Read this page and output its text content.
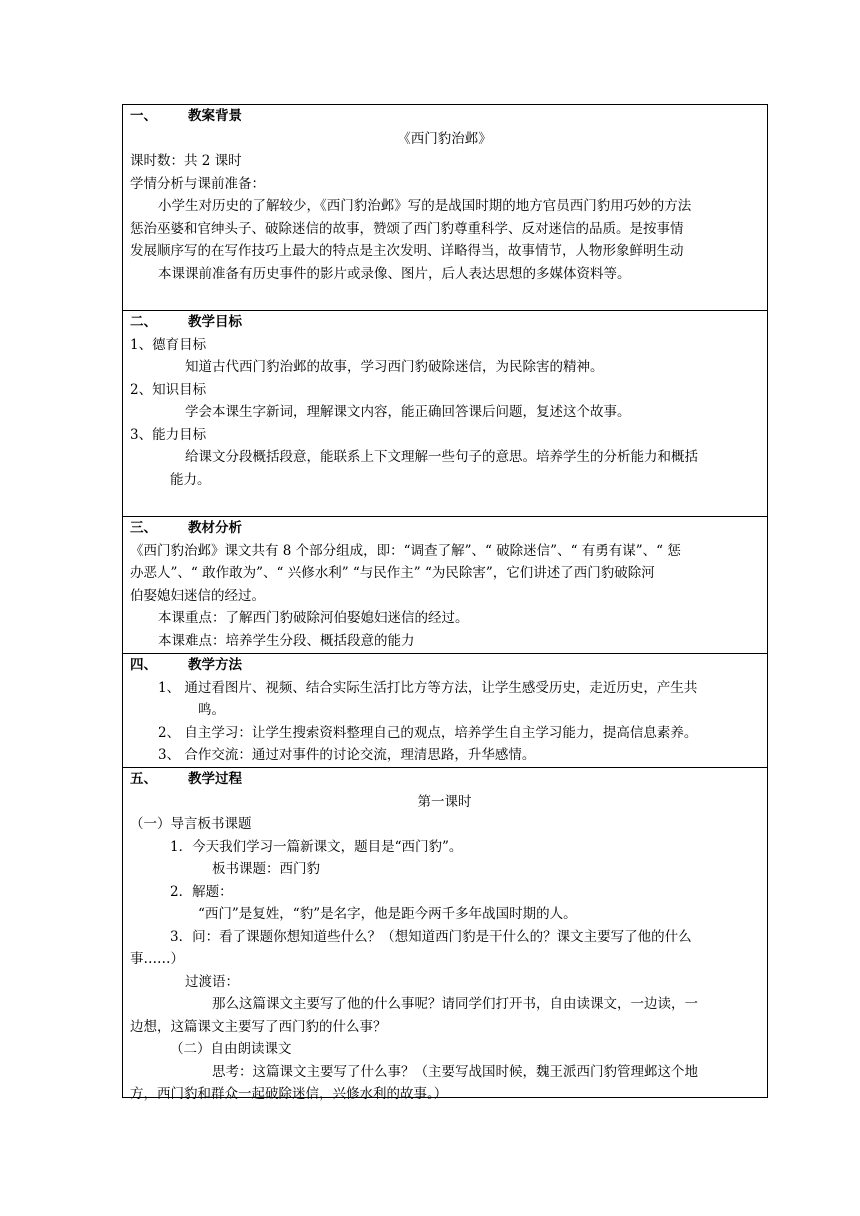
一、 教案背景
《西门豹治邺》
课时数：共 2 课时
学情分析与课前准备：
小学生对历史的了解较少，《西门豹治邺》写的是战国时期的地方官员西门豹用巧妙的方法
惩治巫婆和官绅头子、破除迷信的故事，赞颂了西门豹尊重科学、反对迷信的品质。是按事情
发展顺序写的在写作技巧上最大的特点是主次发明、详略得当，故事情节，人物形象鲜明生动
本课课前准备有历史事件的影片或录像、图片，后人表达思想的多媒体资料等。
二、 教学目标
1、德育目标
知道古代西门豹治邺的故事，学习西门豹破除迷信，为民除害的精神。
2、知识目标
学会本课生字新词，理解课文内容，能正确回答课后问题，复述这个故事。
3、能力目标
给课文分段概括段意，能联系上下文理解一些句子的意思。培养学生的分析能力和概括
能力。
三、 教材分析
《西门豹治邺》课文共有 8 个部分组成，即：“调查了解”、“ 破除迷信”、“ 有勇有谋”、“ 惩
办恶人”、“ 敢作敢为”、“ 兴修水利” “与民作主” “为民除害”，它们讲述了西门豹破除河
伯娶媳妇迷信的经过。
本课重点：了解西门豹破除河伯娶媳妇迷信的经过。
本课难点：培养学生分段、概括段意的能力
四、 教学方法
1、 通过看图片、视频、结合实际生活打比方等方法，让学生感受历史，走近历史，产生共
鸣。
2、 自主学习：让学生搜索资料整理自己的观点，培养学生自主学习能力，提高信息素养。
3、 合作交流：通过对事件的讨论交流，理清思路，升华感情。
五、 教学过程
第一课时
（一）导言板书课题
1．今天我们学习一篇新课文，题目是“西门豹”。
板书课题：西门豹
2．解题：
“西门”是复姓，“豹”是名字，他是距今两千多年战国时期的人。
3．问：看了课题你想知道些什么？（想知道西门豹是干什么的？课文主要写了他的什么
事……）
过渡语：
那么这篇课文主要写了他的什么事呢？请同学们打开书，自由读课文，一边读，一
边想，这篇课文主要写了西门豹的什么事？
（二）自由朗读课文
思考：这篇课文主要写了什么事？（主要写战国时候，魏王派西门豹管理邺这个地
方，西门豹和群众一起破除迷信，兴修水利的故事。）
